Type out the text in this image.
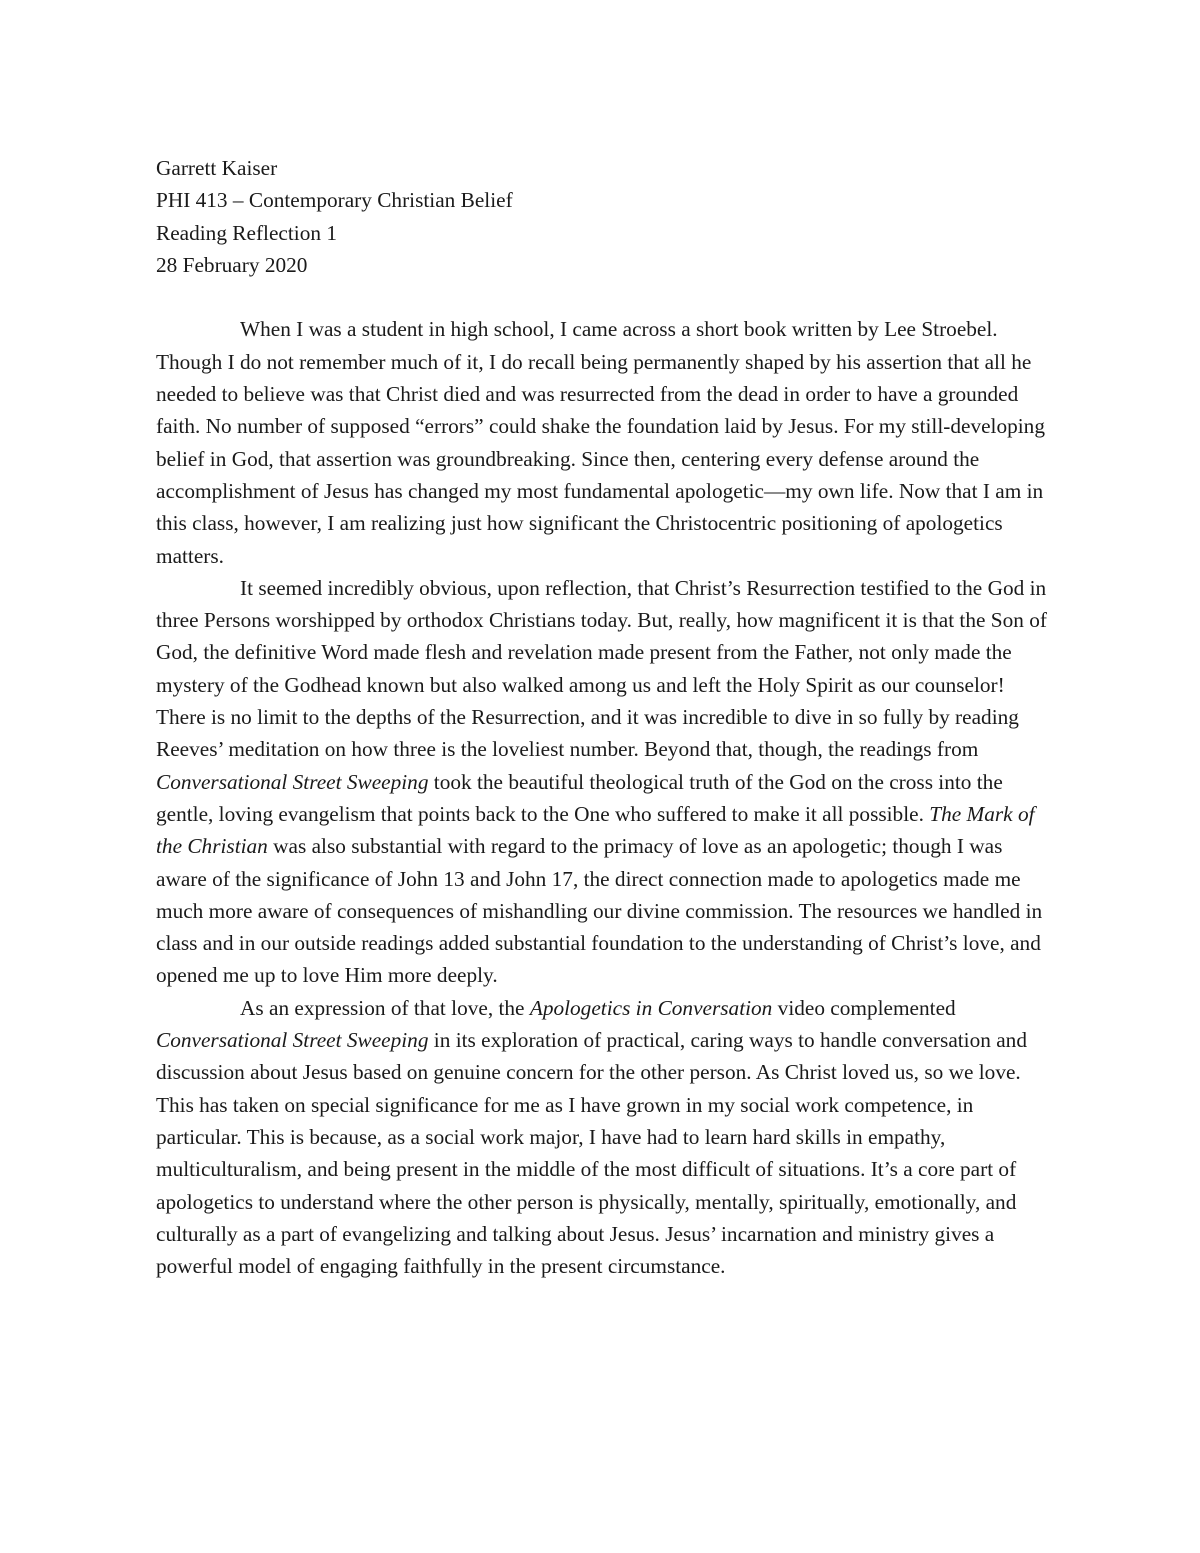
Garrett Kaiser

PHI 413 – Contemporary Christian Belief

Reading Reflection 1

28 February 2020

When I was a student in high school, I came across a short book written by Lee Stroebel. Though I do not remember much of it, I do recall being permanently shaped by his assertion that all he needed to believe was that Christ died and was resurrected from the dead in order to have a grounded faith. No number of supposed “errors” could shake the foundation laid by Jesus. For my still-developing belief in God, that assertion was groundbreaking. Since then, centering every defense around the accomplishment of Jesus has changed my most fundamental apologetic—my own life. Now that I am in this class, however, I am realizing just how significant the Christocentric positioning of apologetics matters.

It seemed incredibly obvious, upon reflection, that Christ’s Resurrection testified to the God in three Persons worshipped by orthodox Christians today. But, really, how magnificent it is that the Son of God, the definitive Word made flesh and revelation made present from the Father, not only made the mystery of the Godhead known but also walked among us and left the Holy Spirit as our counselor! There is no limit to the depths of the Resurrection, and it was incredible to dive in so fully by reading Reeves’ meditation on how three is the loveliest number. Beyond that, though, the readings from Conversational Street Sweeping took the beautiful theological truth of the God on the cross into the gentle, loving evangelism that points back to the One who suffered to make it all possible. The Mark of the Christian was also substantial with regard to the primacy of love as an apologetic; though I was aware of the significance of John 13 and John 17, the direct connection made to apologetics made me much more aware of consequences of mishandling our divine commission. The resources we handled in class and in our outside readings added substantial foundation to the understanding of Christ’s love, and opened me up to love Him more deeply.

As an expression of that love, the Apologetics in Conversation video complemented Conversational Street Sweeping in its exploration of practical, caring ways to handle conversation and discussion about Jesus based on genuine concern for the other person. As Christ loved us, so we love. This has taken on special significance for me as I have grown in my social work competence, in particular. This is because, as a social work major, I have had to learn hard skills in empathy, multiculturalism, and being present in the middle of the most difficult of situations. It’s a core part of apologetics to understand where the other person is physically, mentally, spiritually, emotionally, and culturally as a part of evangelizing and talking about Jesus. Jesus’ incarnation and ministry gives a powerful model of engaging faithfully in the present circumstance.
